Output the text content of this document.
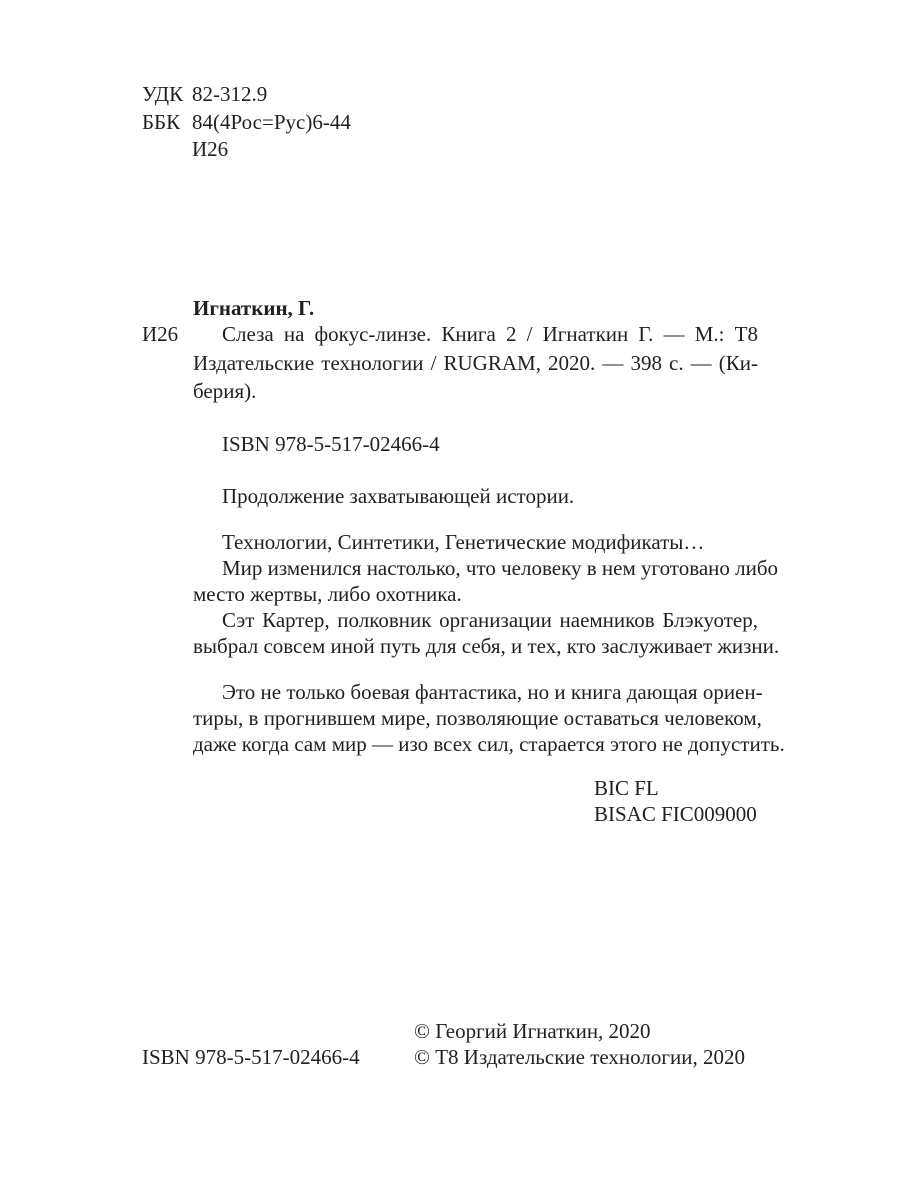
УДК 82-312.9
ББК 84(4Рос=Рус)6-44
И26
Игнаткин, Г.
И26 Слеза на фокус-линзе. Книга 2 / Игнаткин Г. — М.: Т8
Издательские технологии / RUGRAM, 2020. — 398 с. — (Ки-
берия).
ISBN 978-5-517-02466-4
Продолжение захватывающей истории.
Технологии, Синтетики, Генетические модификаты…
Мир изменился настолько, что человеку в нем уготовано либо
место жертвы, либо охотника.
Сэт Картер, полковник организации наемников Блэкуотер,
выбрал совсем иной путь для себя, и тех, кто заслуживает жизни.
Это не только боевая фантастика, но и книга дающая ориен-
тиры, в прогнившем мире, позволяющие оставаться человеком,
даже когда сам мир — изо всех сил, старается этого не допустить.
BIC FL
BISAC FIC009000
© Георгий Игнаткин, 2020
ISBN 978-5-517-02466-4	© Т8 Издательские технологии, 2020
